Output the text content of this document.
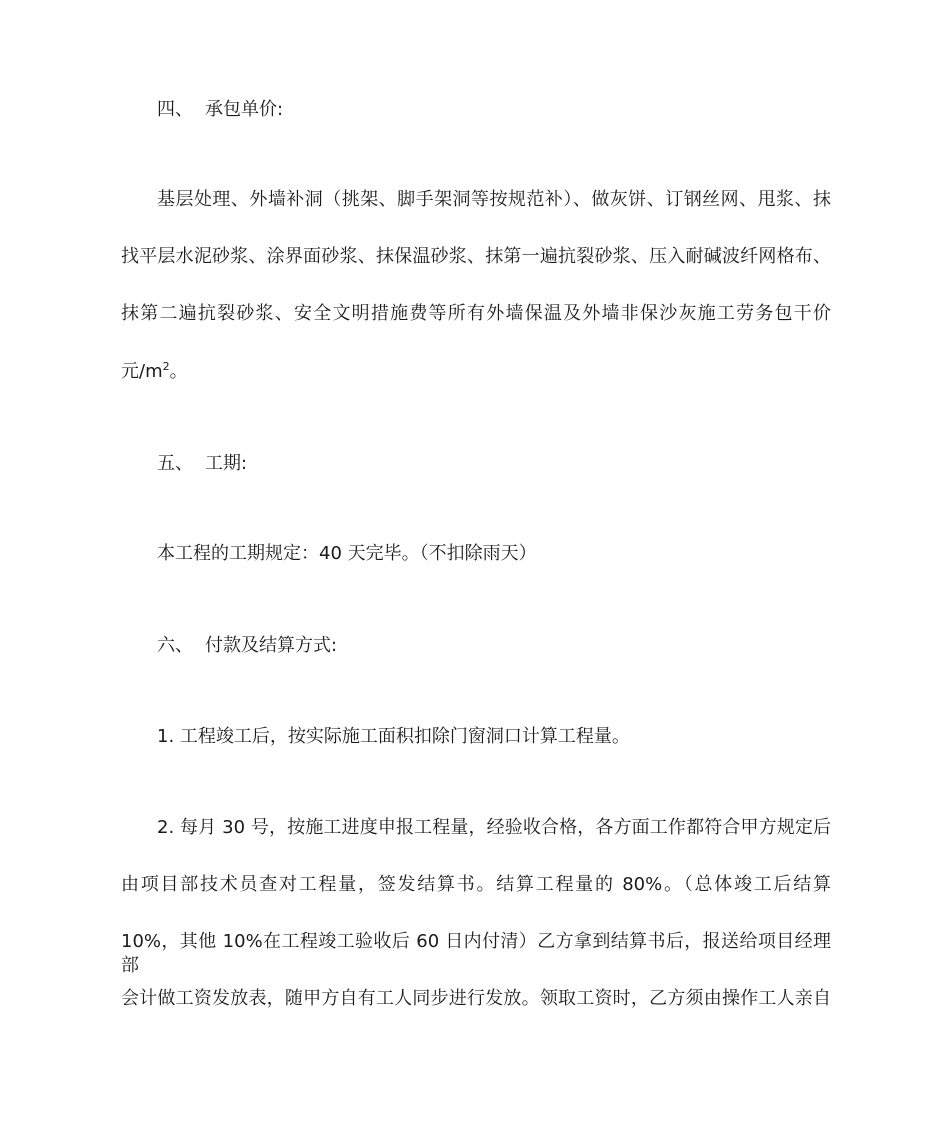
四、 承包单价:
基层处理、外墙补洞（挑架、脚手架洞等按规范补）、做灰饼、订钢丝网、甩浆、抹
找平层水泥砂浆、涂界面砂浆、抹保温砂浆、抹第一遍抗裂砂浆、压入耐碱波纤网格布、
抹第二遍抗裂砂浆、安全文明措施费等所有外墙保温及外墙非保沙灰施工劳务包干价
元$/m^2$。
五、 工期:
本工程的工期规定：40 天完毕。（不扣除雨天）
六、 付款及结算方式:
1. 工程竣工后，按实际施工面积扣除门窗洞口计算工程量。
2. 每月 30 号，按施工进度申报工程量，经验收合格，各方面工作都符合甲方规定后
由项目部技术员查对工程量，签发结算书。结算工程量的 80%。（总体竣工后结算
10%，其他 10%在工程竣工验收后 60 日内付清）乙方拿到结算书后，报送给项目经理部
会计做工资发放表，随甲方自有工人同步进行发放。领取工资时，乙方须由操作工人亲自
